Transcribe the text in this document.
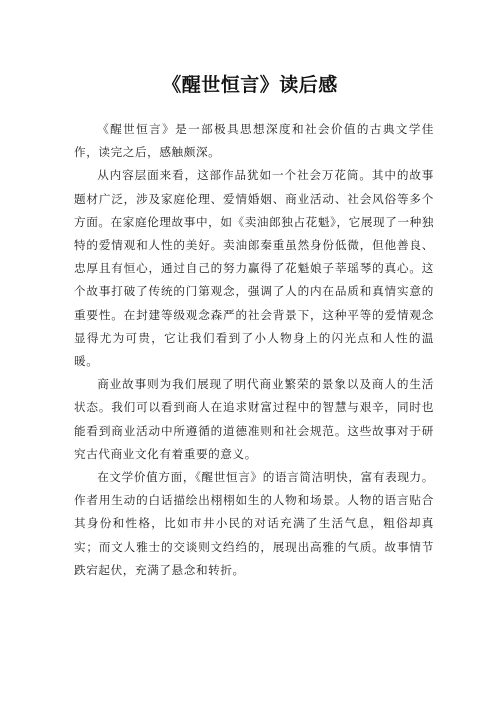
《醒世恒言》读后感

《醒世恒言》是一部极具思想深度和社会价值的古典文学佳作，读完之后，感触颇深。

从内容层面来看，这部作品犹如一个社会万花筒。其中的故事题材广泛，涉及家庭伦理、爱情婚姻、商业活动、社会风俗等多个方面。在家庭伦理故事中，如《卖油郎独占花魁》，它展现了一种独特的爱情观和人性的美好。卖油郎秦重虽然身份低微，但他善良、忠厚且有恒心，通过自己的努力赢得了花魁娘子莘瑶琴的真心。这个故事打破了传统的门第观念，强调了人的内在品质和真情实意的重要性。在封建等级观念森严的社会背景下，这种平等的爱情观念显得尤为可贵，它让我们看到了小人物身上的闪光点和人性的温暖。

商业故事则为我们展现了明代商业繁荣的景象以及商人的生活状态。我们可以看到商人在追求财富过程中的智慧与艰辛，同时也能看到商业活动中所遵循的道德准则和社会规范。这些故事对于研究古代商业文化有着重要的意义。

在文学价值方面，《醒世恒言》的语言简洁明快，富有表现力。作者用生动的白话描绘出栩栩如生的人物和场景。人物的语言贴合其身份和性格，比如市井小民的对话充满了生活气息，粗俗却真实；而文人雅士的交谈则文绉绉的，展现出高雅的气质。故事情节跌宕起伏，充满了悬念和转折。
